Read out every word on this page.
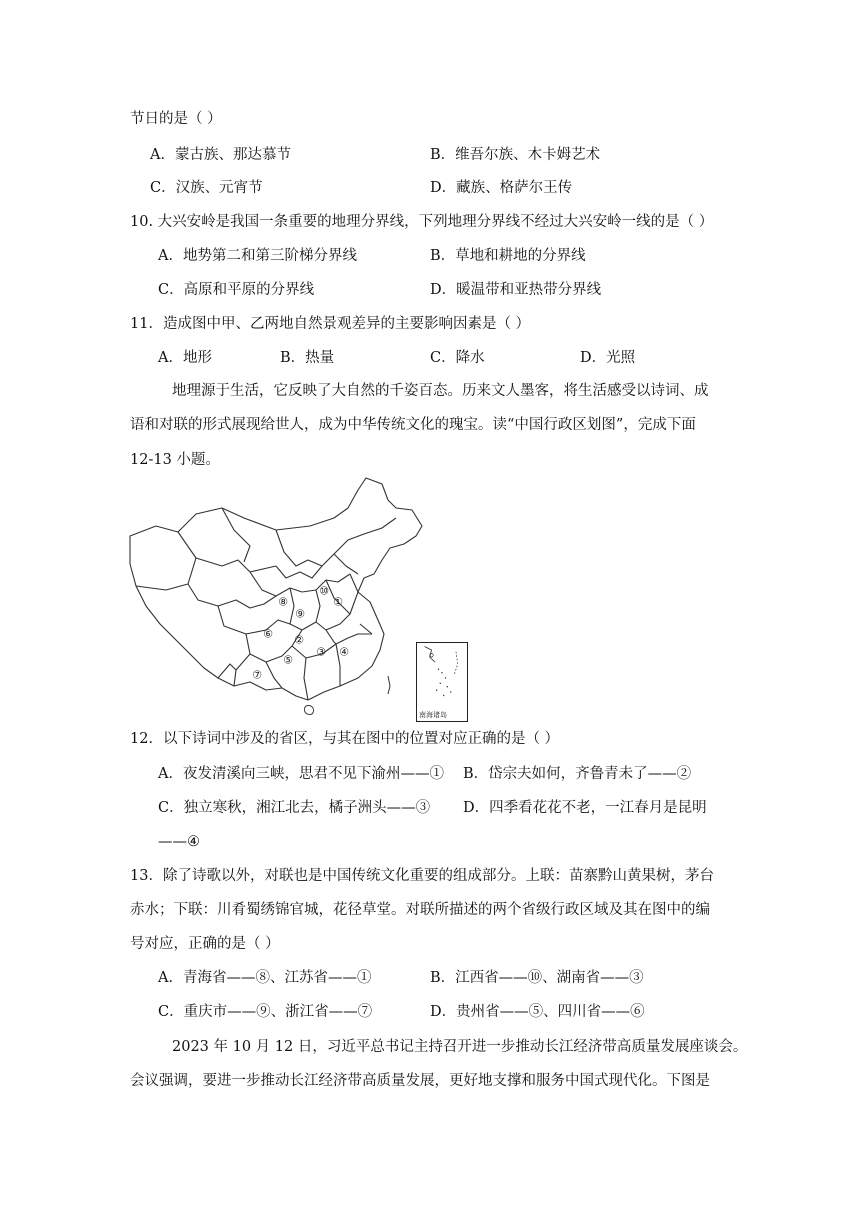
节日的是（ ）
A．蒙古族、那达慕节	B．维吾尔族、木卡姆艺术
C．汉族、元宵节	D．藏族、格萨尔王传
10. 大兴安岭是我国一条重要的地理分界线，下列地理分界线不经过大兴安岭一线的是（ ）
A．地势第二和第三阶梯分界线	B．草地和耕地的分界线
C．高原和平原的分界线	D．暖温带和亚热带分界线
11．造成图中甲、乙两地自然景观差异的主要影响因素是（ ）
A．地形	B．热量	C．降水	D．光照
地理源于生活，它反映了大自然的千姿百态。历来文人墨客，将生活感受以诗词、成
语和对联的形式展现给世人，成为中华传统文化的瑰宝。读“中国行政区划图”，完成下面
12-13 小题。
①
②
③ ④
⑤
⑥
⑦
⑧
⑨
⑩
南海诸岛
12．以下诗词中涉及的省区，与其在图中的位置对应正确的是（ ）
A．夜发清溪向三峡，思君不见下渝州——① B．岱宗夫如何，齐鲁青未了——②
C．独立寒秋，湘江北去，橘子洲头——③ D．四季看花花不老，一江春月是昆明
——④
13．除了诗歌以外，对联也是中国传统文化重要的组成部分。上联：苗寨黔山黄果树，茅台
赤水；下联：川肴蜀绣锦官城，花径草堂。对联所描述的两个省级行政区域及其在图中的编
号对应，正确的是（ ）
A．青海省——⑧、江苏省——①	B．江西省——⑩、湖南省——③
C．重庆市——⑨、浙江省——⑦	D．贵州省——⑤、四川省——⑥
2023 年 10 月 12 日，习近平总书记主持召开进一步推动长江经济带高质量发展座谈会。
会议强调，要进一步推动长江经济带高质量发展，更好地支撑和服务中国式现代化。下图是
